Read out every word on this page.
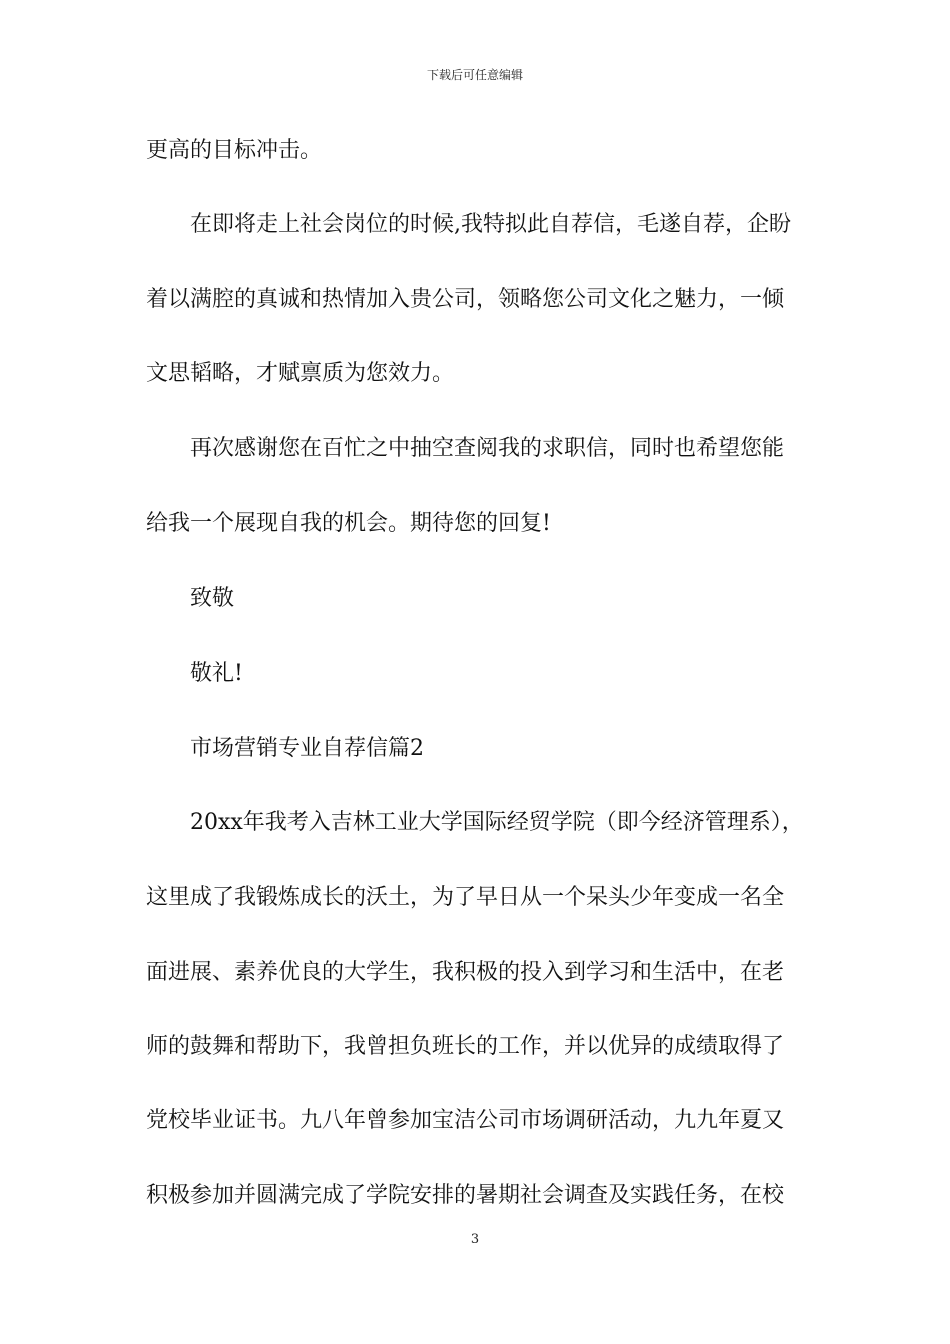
下载后可任意编辑
更高的目标冲击。
在即将走上社会岗位的时候,我特拟此自荐信，毛遂自荐，企盼
着以满腔的真诚和热情加入贵公司，领略您公司文化之魅力，一倾
文思韬略，才赋禀质为您效力。
再次感谢您在百忙之中抽空查阅我的求职信，同时也希望您能
给我一个展现自我的机会。期待您的回复!
致敬
敬礼!
市场营销专业自荐信篇2
20xx年我考入吉林工业大学国际经贸学院（即今经济管理系），
这里成了我锻炼成长的沃土，为了早日从一个呆头少年变成一名全
面进展、素养优良的大学生，我积极的投入到学习和生活中，在老
师的鼓舞和帮助下，我曾担负班长的工作，并以优异的成绩取得了
党校毕业证书。九八年曾参加宝洁公司市场调研活动，九九年夏又
积极参加并圆满完成了学院安排的暑期社会调查及实践任务，在校
3
